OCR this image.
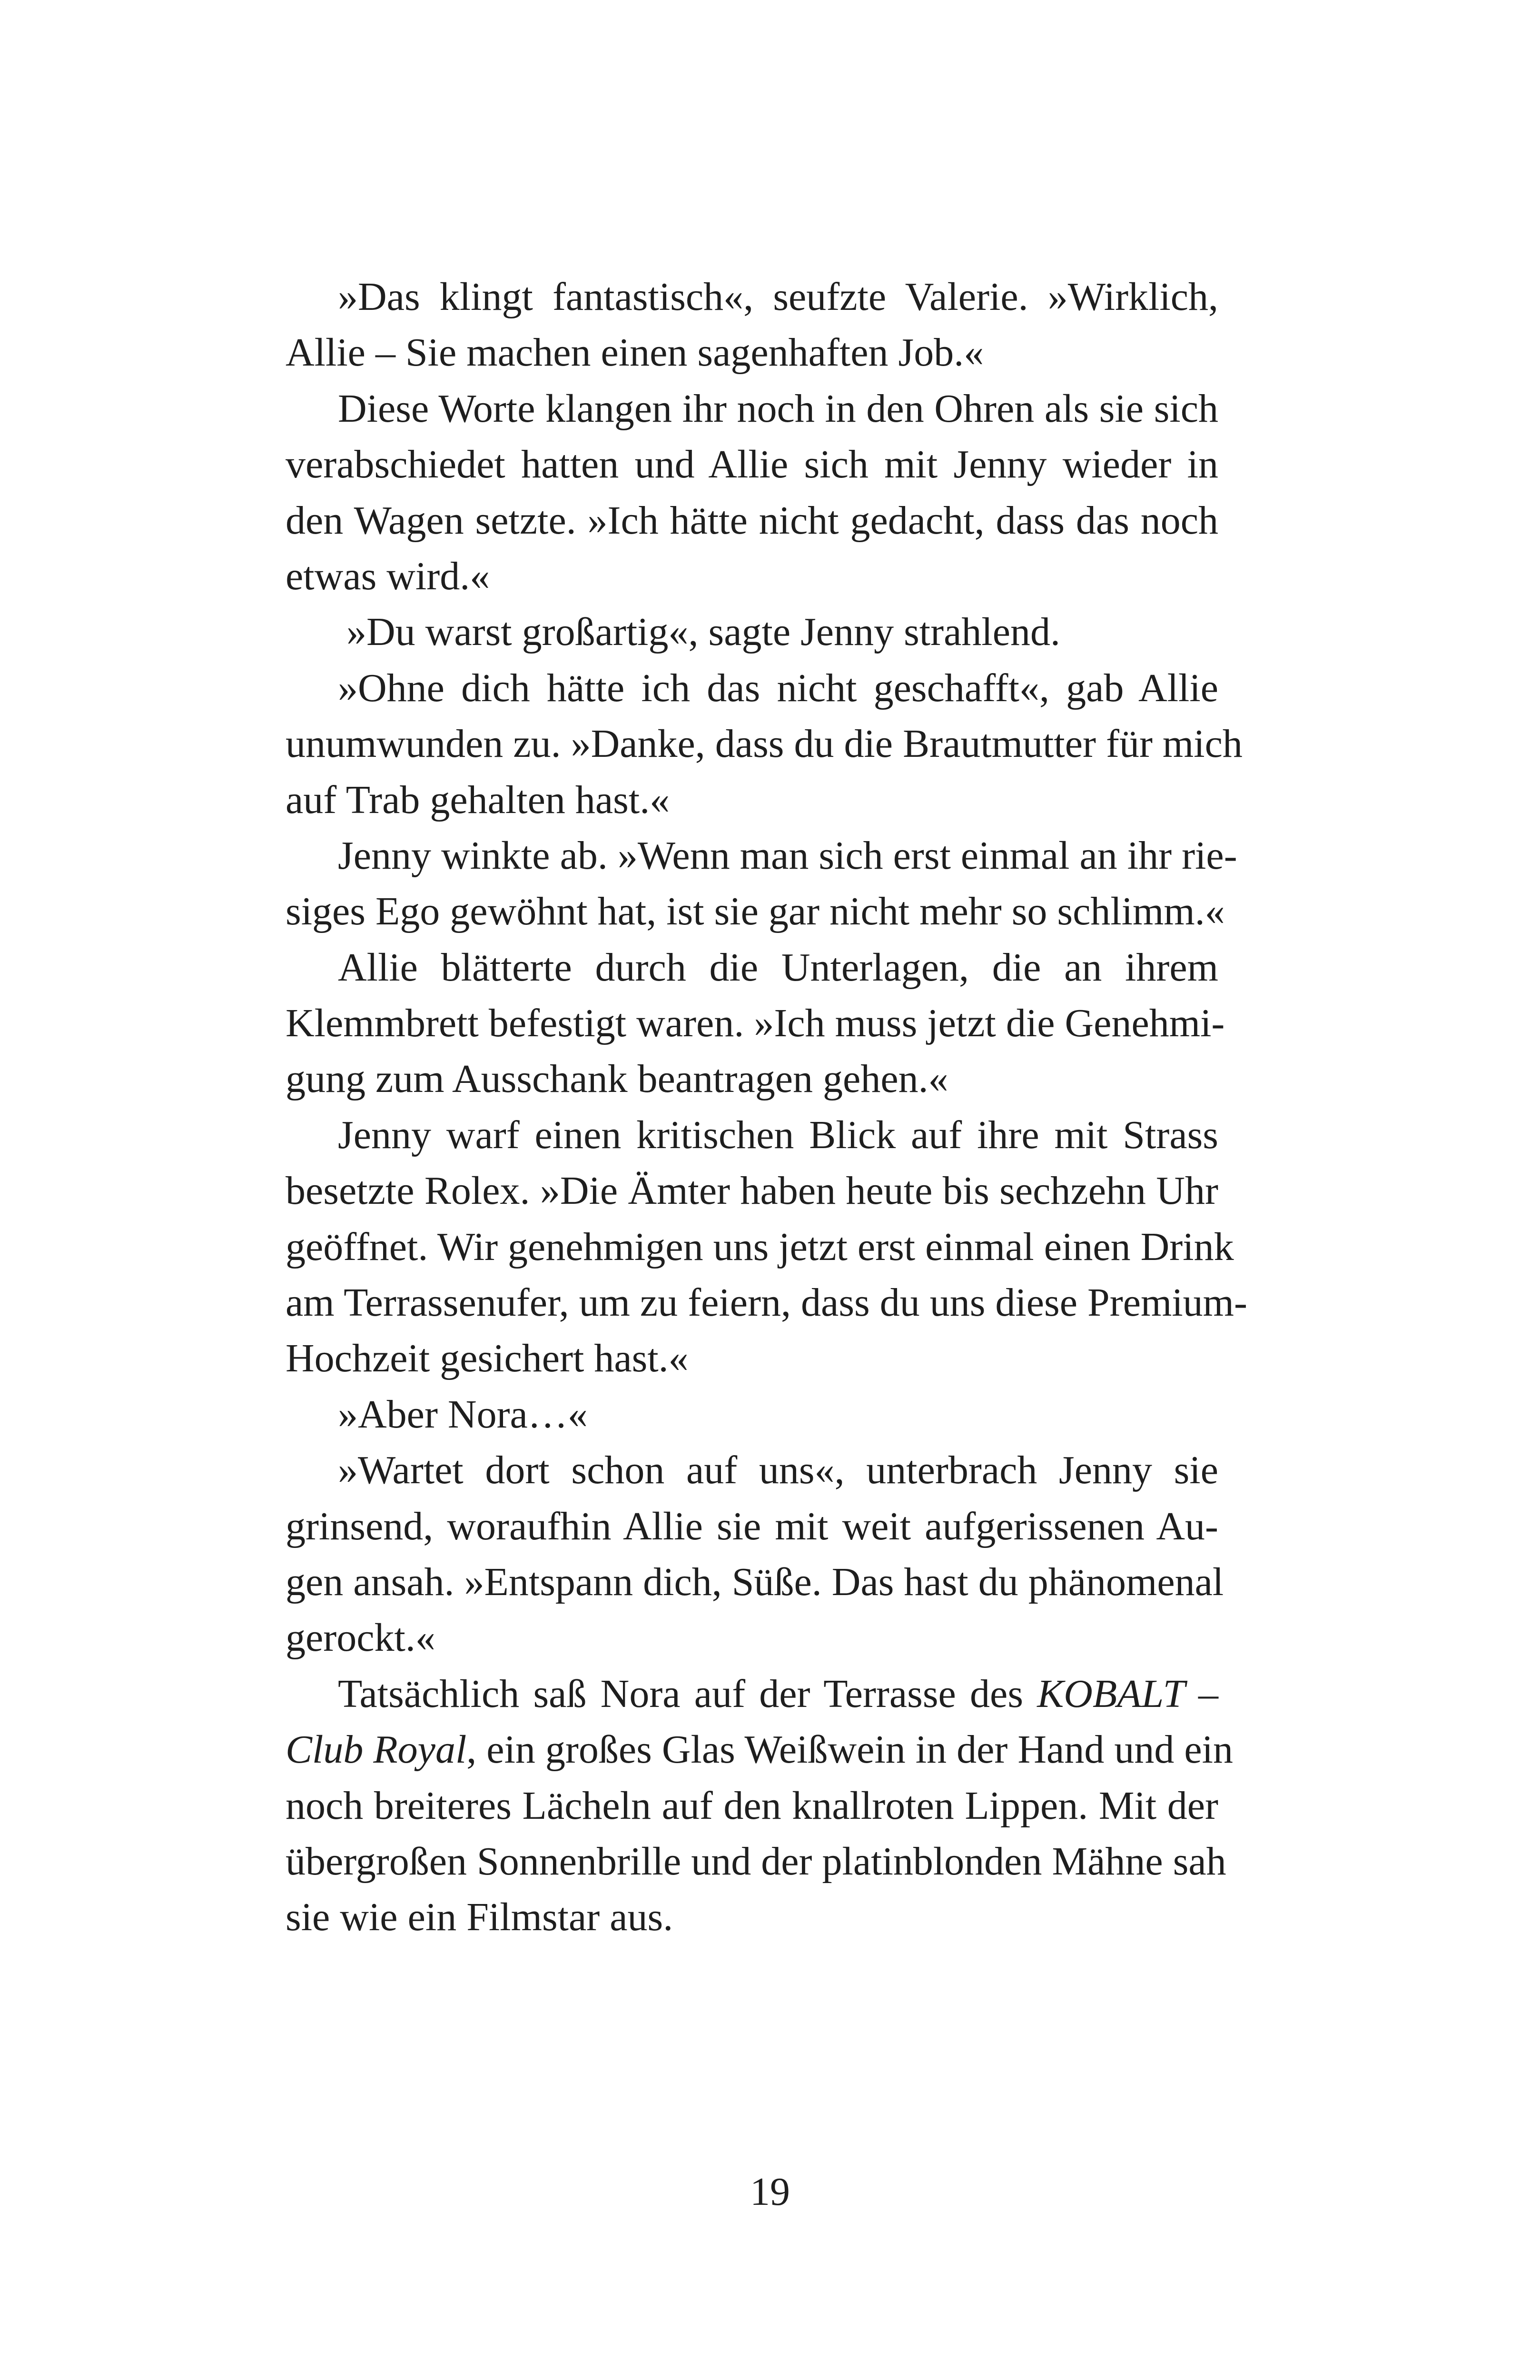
»Das klingt fantastisch«, seufzte Valerie. »Wirklich,
Allie – Sie machen einen sagenhaften Job.«
Diese Worte klangen ihr noch in den Ohren als sie sich
verabschiedet hatten und Allie sich mit Jenny wieder in
den Wagen setzte. »Ich hätte nicht gedacht, dass das noch
etwas wird.«
»Du warst großartig«, sagte Jenny strahlend.
»Ohne dich hätte ich das nicht geschafft«, gab Allie
unumwunden zu. »Danke, dass du die Brautmutter für mich
auf Trab gehalten hast.«
Jenny winkte ab. »Wenn man sich erst einmal an ihr rie-
siges Ego gewöhnt hat, ist sie gar nicht mehr so schlimm.«
Allie blätterte durch die Unterlagen, die an ihrem
Klemmbrett befestigt waren. »Ich muss jetzt die Genehmi-
gung zum Ausschank beantragen gehen.«
Jenny warf einen kritischen Blick auf ihre mit Strass
besetzte Rolex. »Die Ämter haben heute bis sechzehn Uhr
geöffnet. Wir genehmigen uns jetzt erst einmal einen Drink
am Terrassenufer, um zu feiern, dass du uns diese Premium-
Hochzeit gesichert hast.«
»Aber Nora…«
»Wartet dort schon auf uns«, unterbrach Jenny sie
grinsend, woraufhin Allie sie mit weit aufgerissenen Au-
gen ansah. »Entspann dich, Süße. Das hast du phänomenal
gerockt.«
Tatsächlich saß Nora auf der Terrasse des KOBALT –
Club Royal, ein großes Glas Weißwein in der Hand und ein
noch breiteres Lächeln auf den knallroten Lippen. Mit der
übergroßen Sonnenbrille und der platinblonden Mähne sah
sie wie ein Filmstar aus.
19
